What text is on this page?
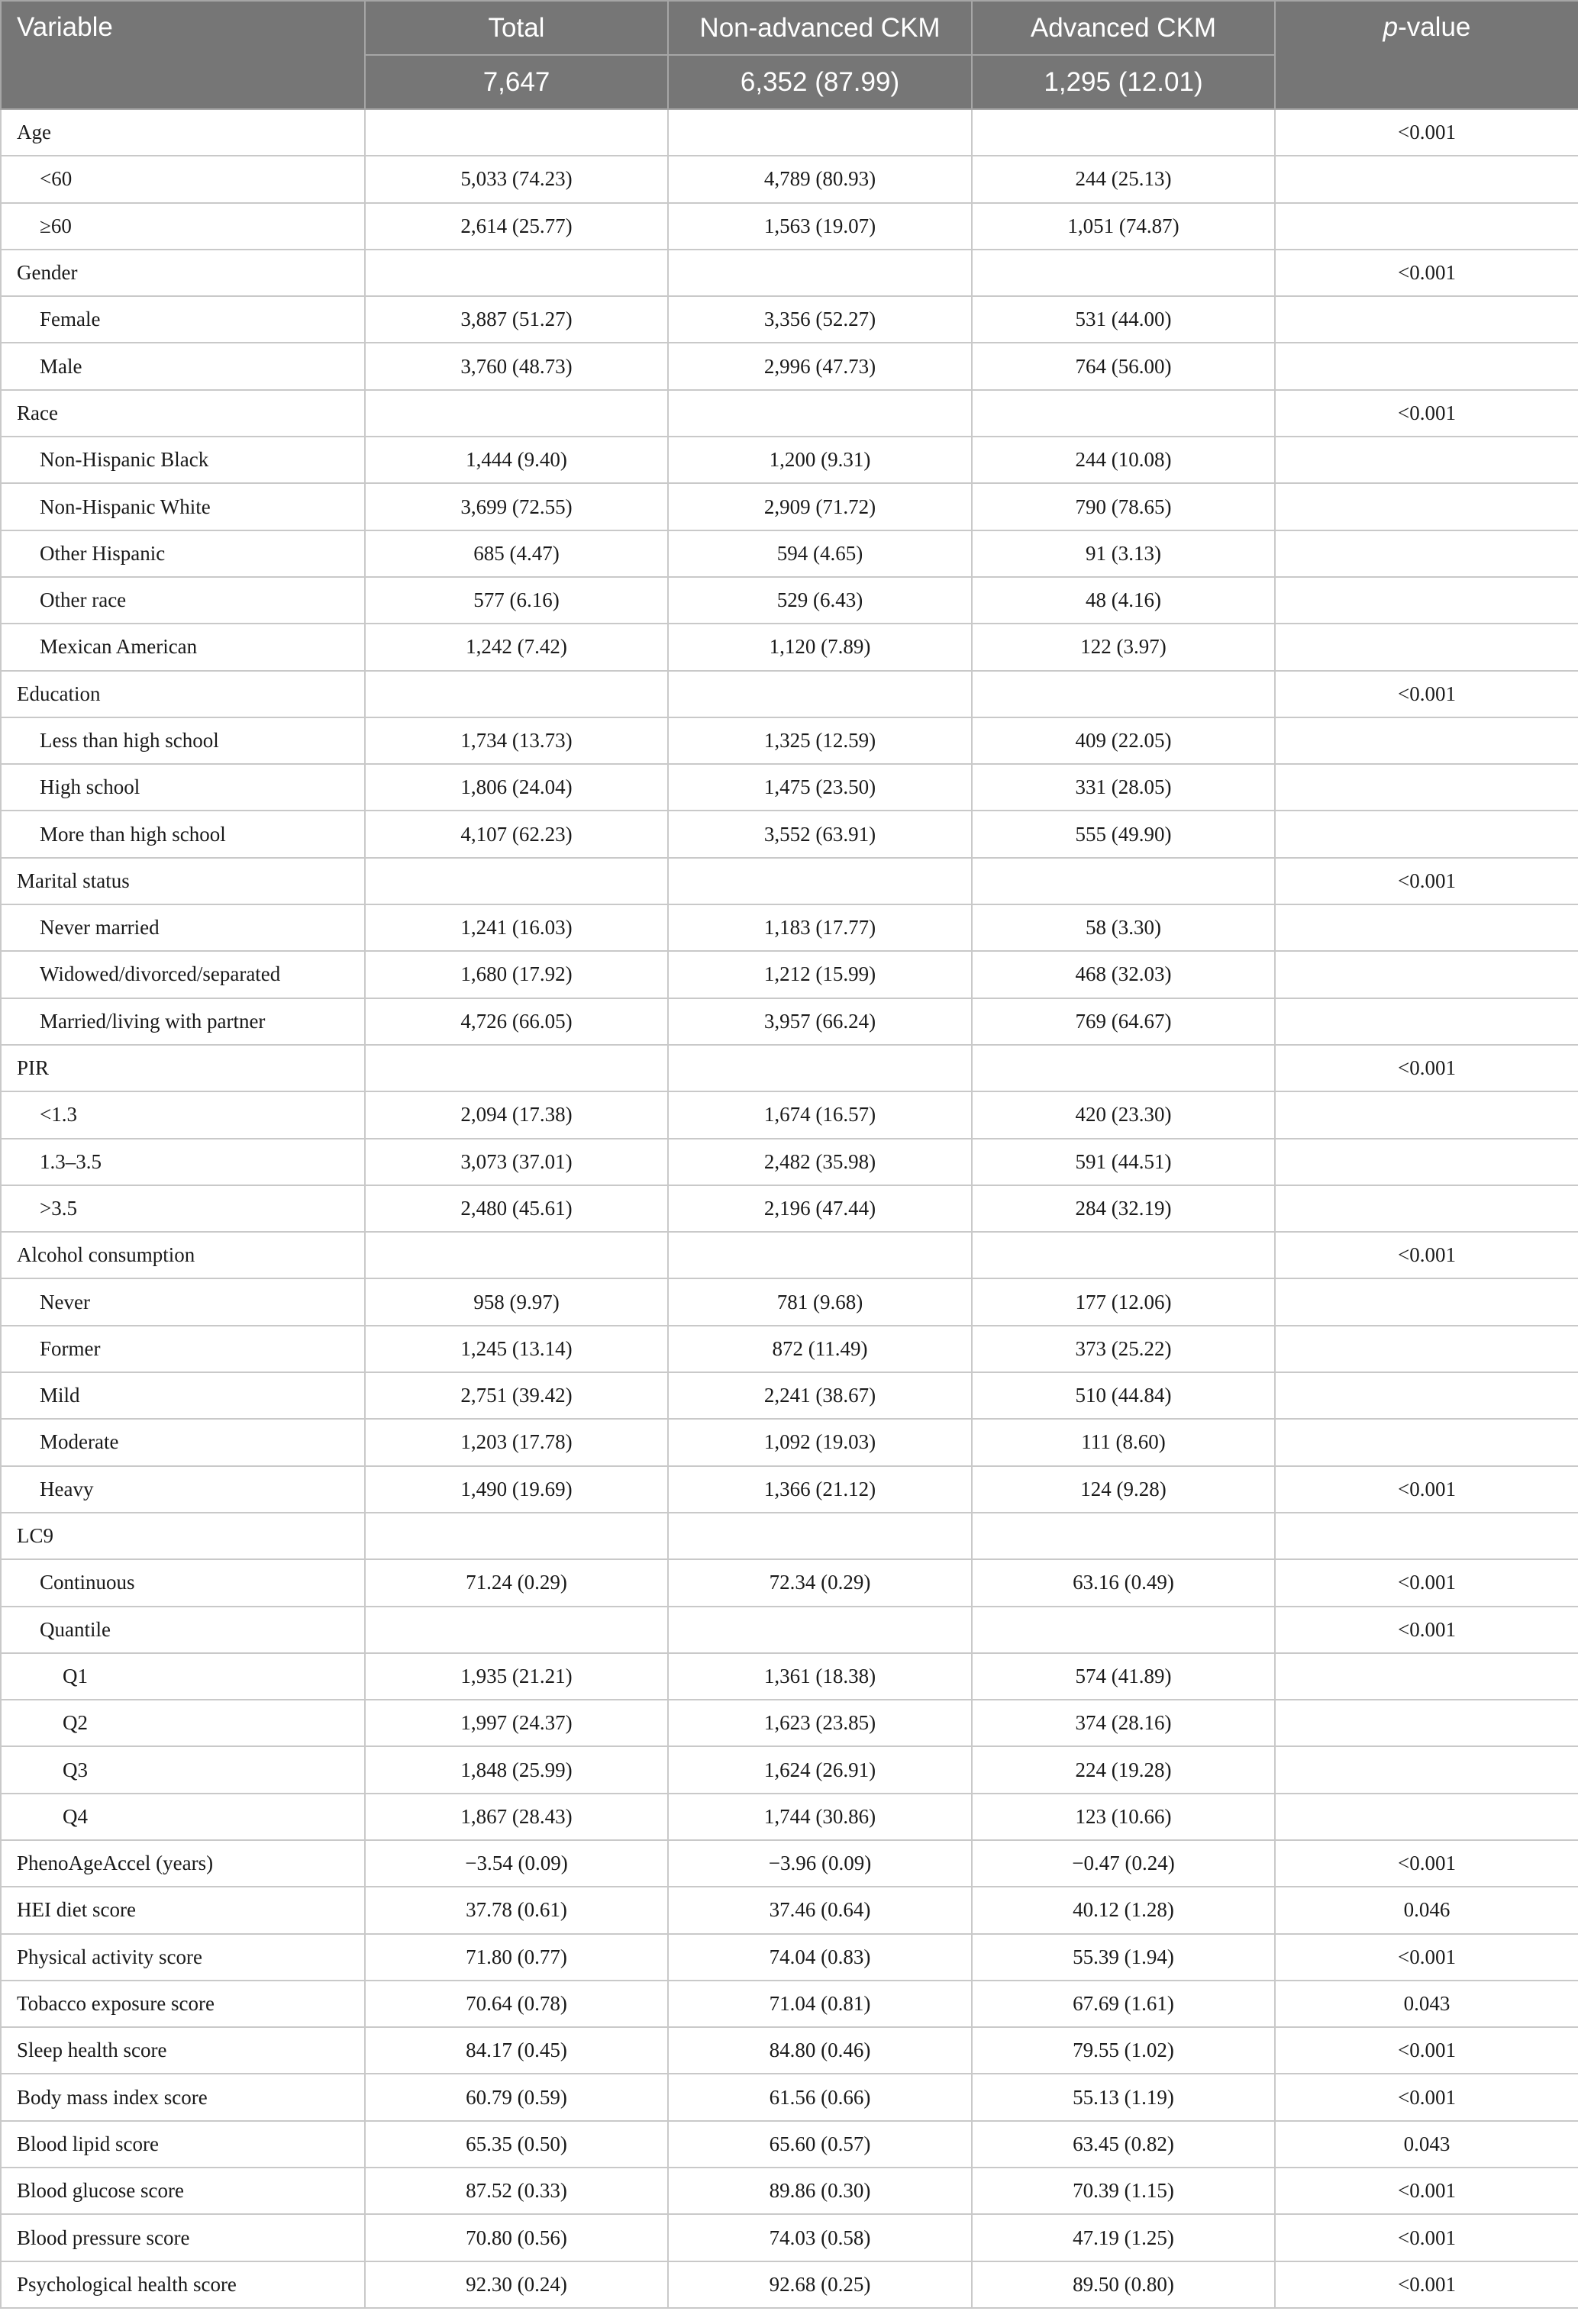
Variable	Total	Non-advanced CKM	Advanced CKM	p-value
	7,647	6,352 (87.99)	1,295 (12.01)	
Age				<0.001
<60	5,033 (74.23)	4,789 (80.93)	244 (25.13)	
≥60	2,614 (25.77)	1,563 (19.07)	1,051 (74.87)	
Gender				<0.001
Female	3,887 (51.27)	3,356 (52.27)	531 (44.00)	
Male	3,760 (48.73)	2,996 (47.73)	764 (56.00)	
Race				<0.001
Non-Hispanic Black	1,444 (9.40)	1,200 (9.31)	244 (10.08)	
Non-Hispanic White	3,699 (72.55)	2,909 (71.72)	790 (78.65)	
Other Hispanic	685 (4.47)	594 (4.65)	91 (3.13)	
Other race	577 (6.16)	529 (6.43)	48 (4.16)	
Mexican American	1,242 (7.42)	1,120 (7.89)	122 (3.97)	
Education				<0.001
Less than high school	1,734 (13.73)	1,325 (12.59)	409 (22.05)	
High school	1,806 (24.04)	1,475 (23.50)	331 (28.05)	
More than high school	4,107 (62.23)	3,552 (63.91)	555 (49.90)	
Marital status				<0.001
Never married	1,241 (16.03)	1,183 (17.77)	58 (3.30)	
Widowed/divorced/separated	1,680 (17.92)	1,212 (15.99)	468 (32.03)	
Married/living with partner	4,726 (66.05)	3,957 (66.24)	769 (64.67)	
PIR				<0.001
<1.3	2,094 (17.38)	1,674 (16.57)	420 (23.30)	
1.3–3.5	3,073 (37.01)	2,482 (35.98)	591 (44.51)	
>3.5	2,480 (45.61)	2,196 (47.44)	284 (32.19)	
Alcohol consumption				<0.001
Never	958 (9.97)	781 (9.68)	177 (12.06)	
Former	1,245 (13.14)	872 (11.49)	373 (25.22)	
Mild	2,751 (39.42)	2,241 (38.67)	510 (44.84)	
Moderate	1,203 (17.78)	1,092 (19.03)	111 (8.60)	
Heavy	1,490 (19.69)	1,366 (21.12)	124 (9.28)	<0.001
LC9				
Continuous	71.24 (0.29)	72.34 (0.29)	63.16 (0.49)	<0.001
Quantile				<0.001
Q1	1,935 (21.21)	1,361 (18.38)	574 (41.89)	
Q2	1,997 (24.37)	1,623 (23.85)	374 (28.16)	
Q3	1,848 (25.99)	1,624 (26.91)	224 (19.28)	
Q4	1,867 (28.43)	1,744 (30.86)	123 (10.66)	
PhenoAgeAccel (years)	−3.54 (0.09)	−3.96 (0.09)	−0.47 (0.24)	<0.001
HEI diet score	37.78 (0.61)	37.46 (0.64)	40.12 (1.28)	0.046
Physical activity score	71.80 (0.77)	74.04 (0.83)	55.39 (1.94)	<0.001
Tobacco exposure score	70.64 (0.78)	71.04 (0.81)	67.69 (1.61)	0.043
Sleep health score	84.17 (0.45)	84.80 (0.46)	79.55 (1.02)	<0.001
Body mass index score	60.79 (0.59)	61.56 (0.66)	55.13 (1.19)	<0.001
Blood lipid score	65.35 (0.50)	65.60 (0.57)	63.45 (0.82)	0.043
Blood glucose score	87.52 (0.33)	89.86 (0.30)	70.39 (1.15)	<0.001
Blood pressure score	70.80 (0.56)	74.03 (0.58)	47.19 (1.25)	<0.001
Psychological health score	92.30 (0.24)	92.68 (0.25)	89.50 (0.80)	<0.001
